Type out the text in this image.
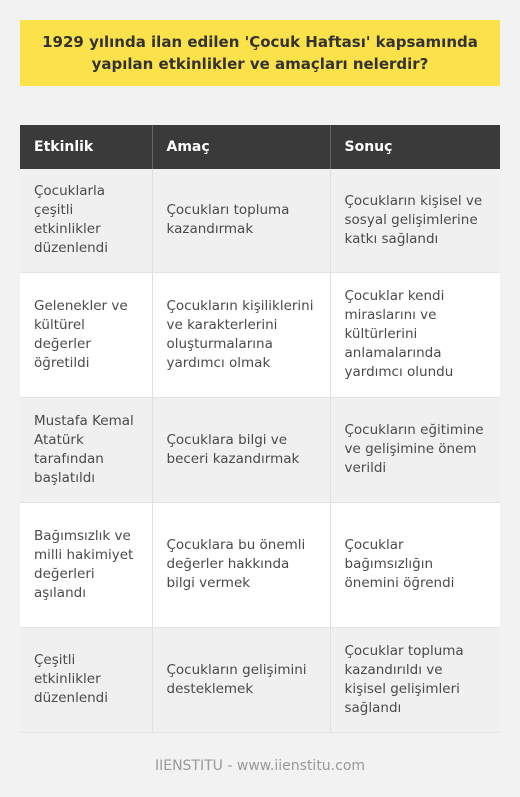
1929 yılında ilan edilen 'Çocuk Haftası' kapsamında yapılan etkinlikler ve amaçları nelerdir?
Etkinlik	Amaç	Sonuç
Çocuklarla çeşitli etkinlikler düzenlendi	Çocukları topluma kazandırmak	Çocukların kişisel ve sosyal gelişimlerine katkı sağlandı
Gelenekler ve kültürel değerler öğretildi	Çocukların kişiliklerini ve karakterlerini oluşturmalarına yardımcı olmak	Çocuklar kendi miraslarını ve kültürlerini anlamalarında yardımcı olundu
Mustafa Kemal Atatürk tarafından başlatıldı	Çocuklara bilgi ve beceri kazandırmak	Çocukların eğitimine ve gelişimine önem verildi
Bağımsızlık ve milli hakimiyet değerleri aşılandı	Çocuklara bu önemli değerler hakkında bilgi vermek	Çocuklar bağımsızlığın önemini öğrendi
Çeşitli etkinlikler düzenlendi	Çocukların gelişimini desteklemek	Çocuklar topluma kazandırıldı ve kişisel gelişimleri sağlandı
IIENSTITU - www.iienstitu.com
